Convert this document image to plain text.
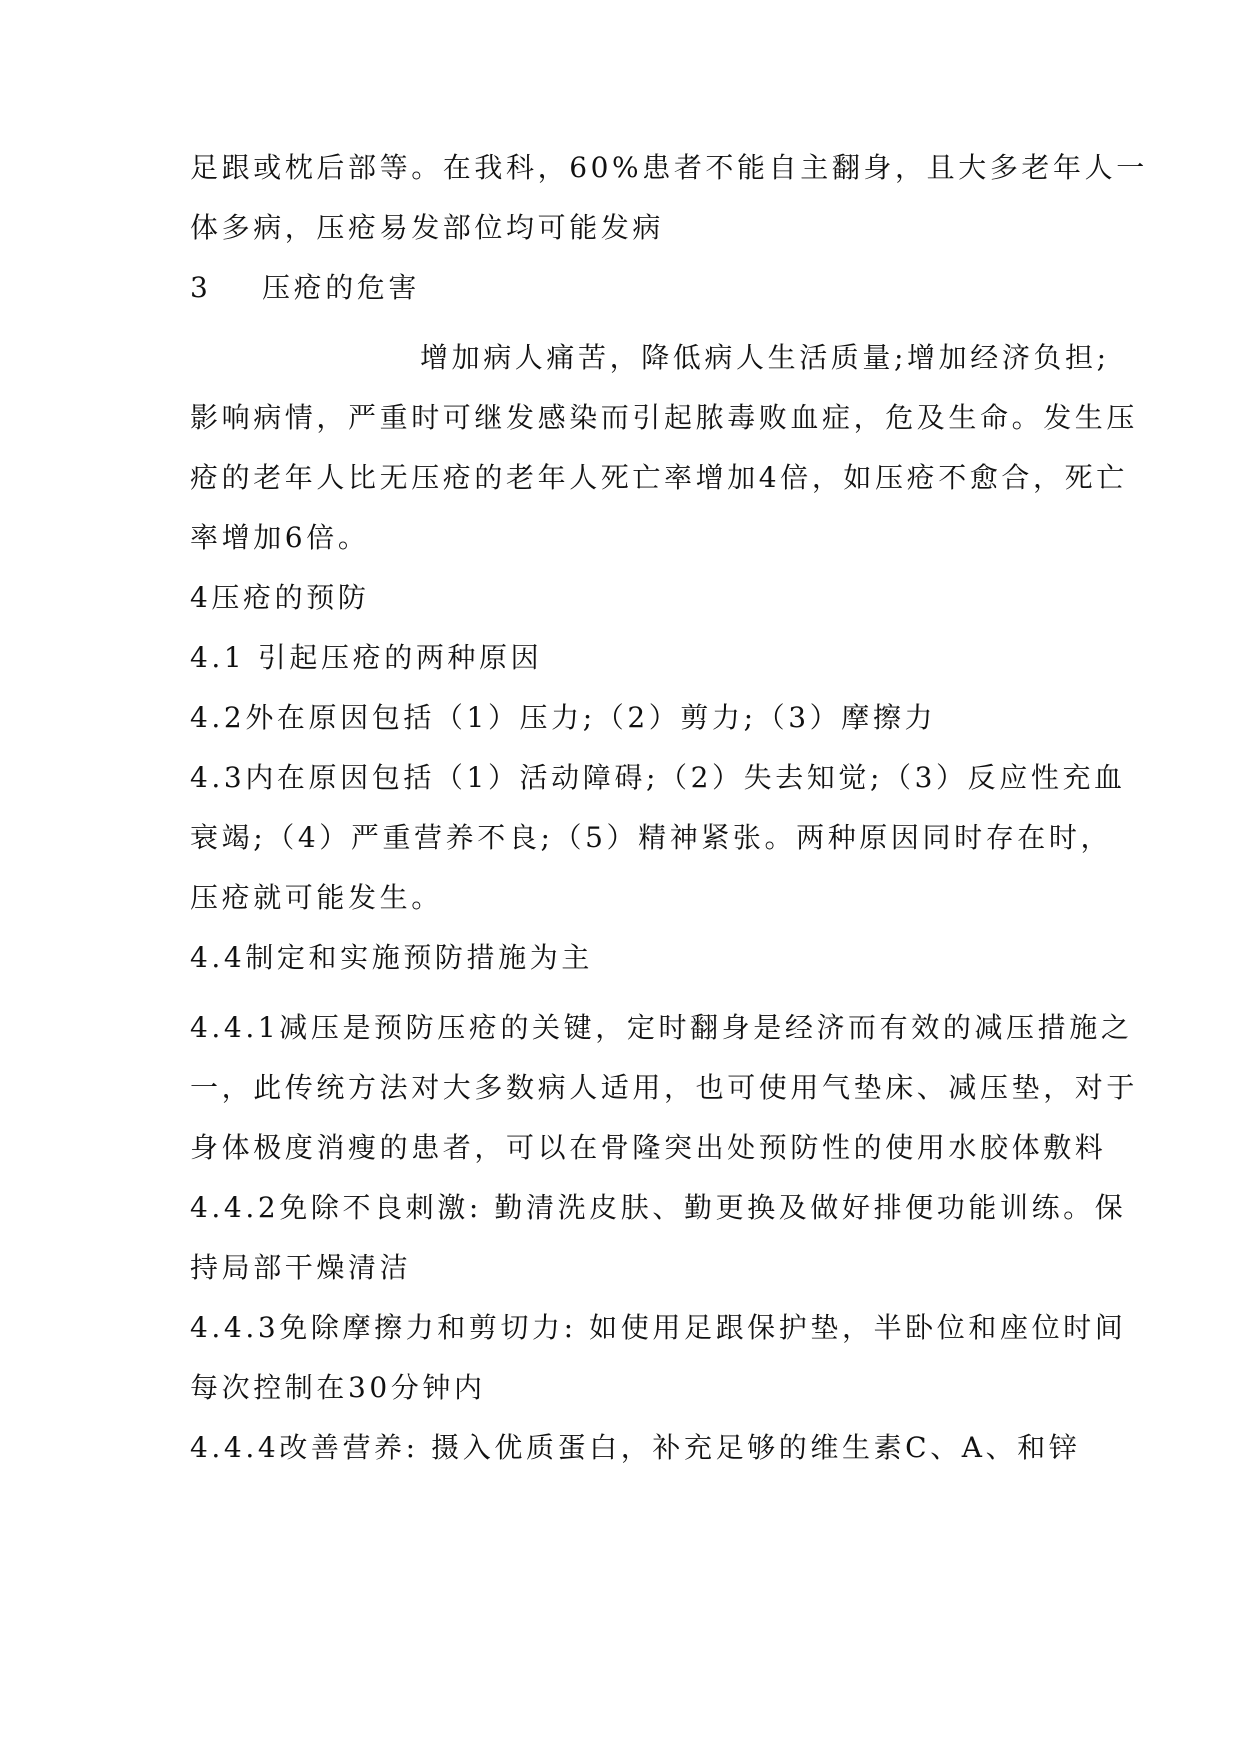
足跟或枕后部等。在我科，60%患者不能自主翻身，且大多老年人一

体多病，压疮易发部位均可能发病

3 压疮的危害

增加病人痛苦，降低病人生活质量;增加经济负担;

影响病情，严重时可继发感染而引起脓毒败血症，危及生命。发生压

疮的老年人比无压疮的老年人死亡率增加4倍，如压疮不愈合，死亡

率增加6倍。

4压疮的预防

4.1 引起压疮的两种原因

4.2外在原因包括（1）压力;（2）剪力;（3）摩擦力

4.3内在原因包括（1）活动障碍;（2）失去知觉;（3）反应性充血

衰竭;（4）严重营养不良;（5）精神紧张。两种原因同时存在时，

压疮就可能发生。

4.4制定和实施预防措施为主

4.4.1减压是预防压疮的关键，定时翻身是经济而有效的减压措施之

一，此传统方法对大多数病人适用，也可使用气垫床、减压垫，对于

身体极度消瘦的患者，可以在骨隆突出处预防性的使用水胶体敷料

4.4.2免除不良刺激: 勤清洗皮肤、勤更换及做好排便功能训练。保

持局部干燥清洁

4.4.3免除摩擦力和剪切力: 如使用足跟保护垫，半卧位和座位时间

每次控制在30分钟内

4.4.4改善营养: 摄入优质蛋白，补充足够的维生素C、A、和锌
